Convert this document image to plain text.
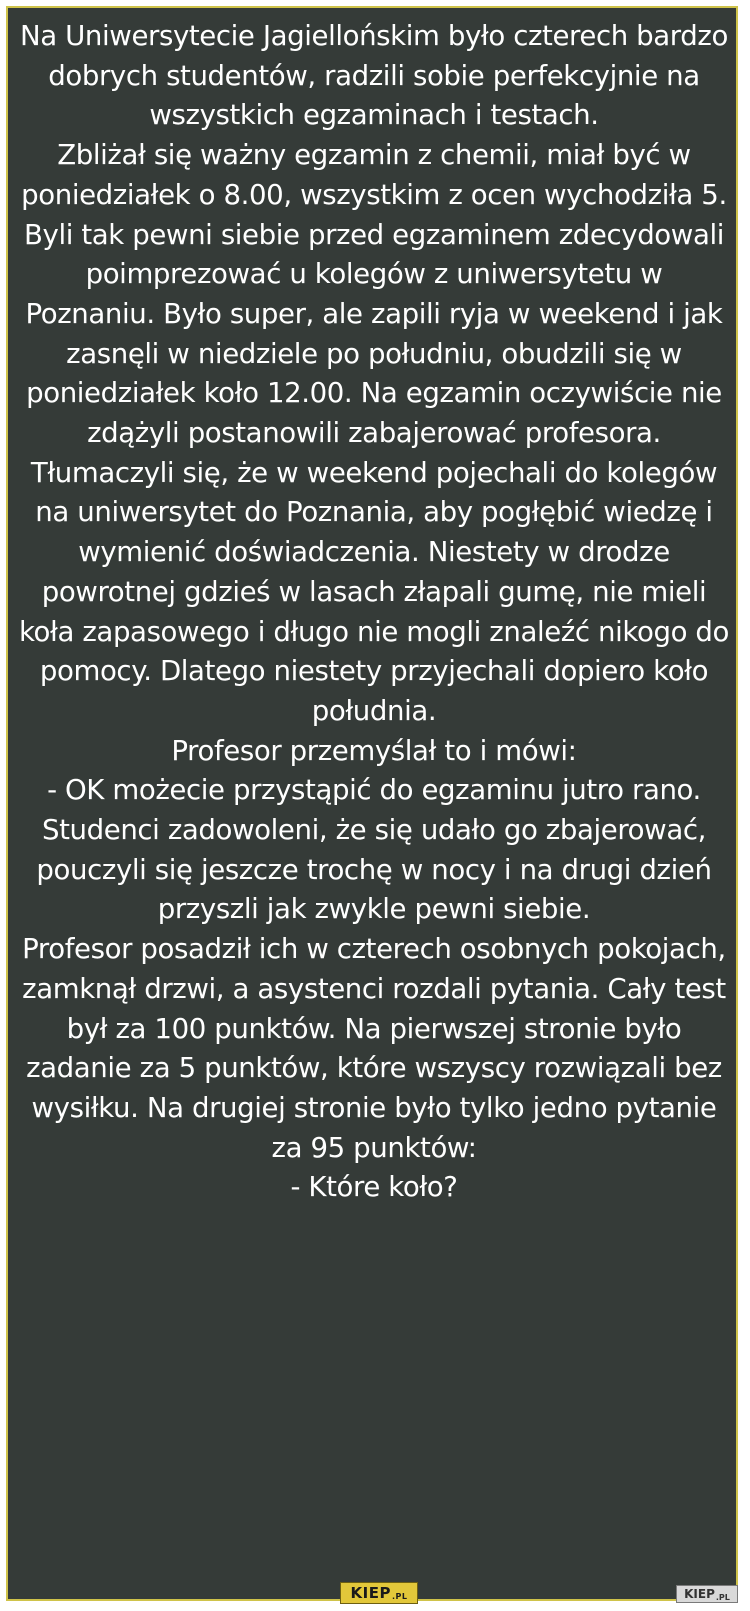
Na Uniwersytecie Jagiellońskim było czterech bardzo dobrych studentów, radzili sobie perfekcyjnie na wszystkich egzaminach i testach.

Zbliżał się ważny egzamin z chemii, miał być w poniedziałek o 8.00, wszystkim z ocen wychodziła 5. Byli tak pewni siebie przed egzaminem zdecydowali poimprezować u kolegów z uniwersytetu w Poznaniu. Było super, ale zapili ryja w weekend i jak zasnęli w niedziele po południu, obudzili się w poniedziałek koło 12.00. Na egzamin oczywiście nie zdążyli postanowili zabajerować profesora. Tłumaczyli się, że w weekend pojechali do kolegów na uniwersytet do Poznania, aby pogłębić wiedzę i wymienić doświadczenia. Niestety w drodze powrotnej gdzieś w lasach złapali gumę, nie mieli koła zapasowego i długo nie mogli znaleźć nikogo do pomocy. Dlatego niestety przyjechali dopiero koło południa.

Profesor przemyślał to i mówi:

- OK możecie przystąpić do egzaminu jutro rano.

Studenci zadowoleni, że się udało go zbajerować, pouczyli się jeszcze trochę w nocy i na drugi dzień przyszli jak zwykle pewni siebie.

Profesor posadził ich w czterech osobnych pokojach, zamknął drzwi, a asystenci rozdali pytania. Cały test był za 100 punktów. Na pierwszej stronie było zadanie za 5 punktów, które wszyscy rozwiązali bez wysiłku. Na drugiej stronie było tylko jedno pytanie za 95 punktów:

- Które koło?

KIEP .PL	KIEP .PL
